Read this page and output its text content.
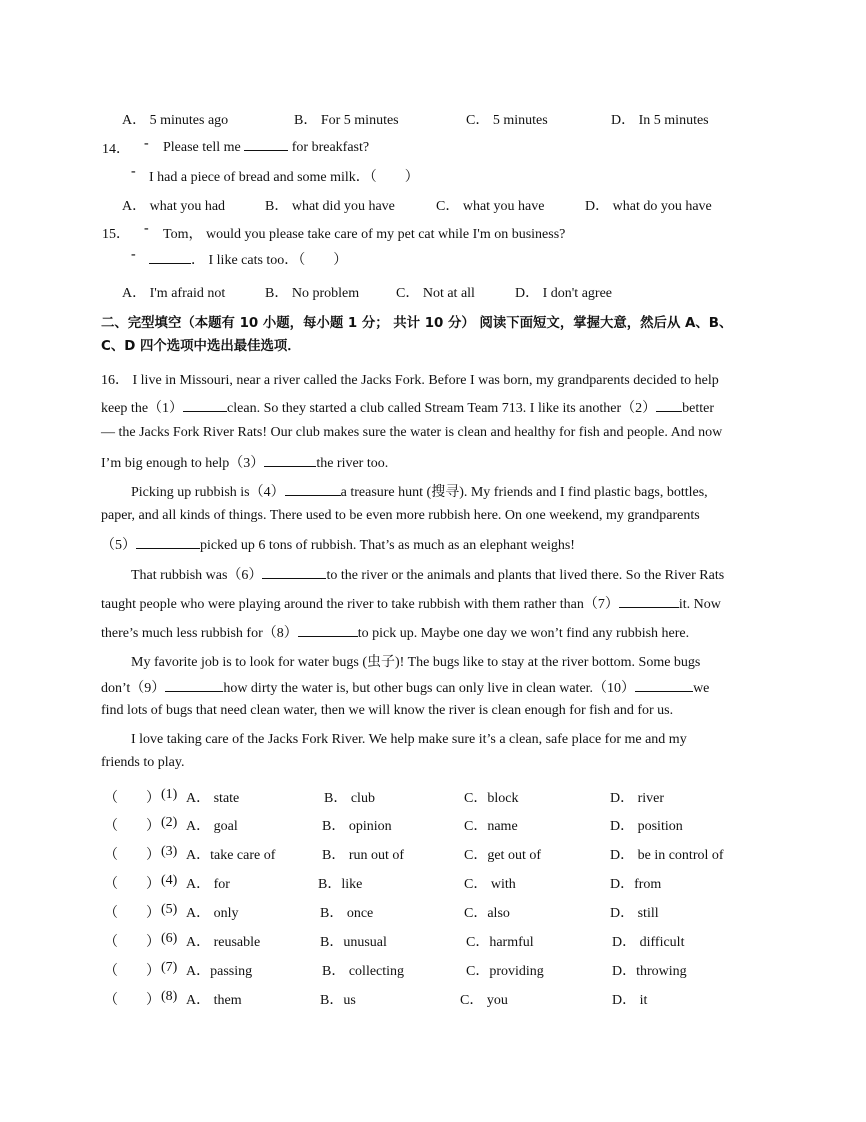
A． 5 minutes ago	B． For 5 minutes	C． 5 minutes	D． In 5 minutes
14． - Please tell me	for breakfast?
- I had a piece of bread and some milk．（　　）
A． what you had	B． what did you have	C． what you have	D． what do you have
15． - Tom， would you please take care of my pet cat while I'm on business?
-	． I like cats too．（　　）
A． I'm afraid not	B． No problem	C． Not at all	D． I don't agree
二、完型填空（本题有 10 小题，每小题 1 分； 共计 10 分） 阅读下面短文，掌握大意，然后从 A、B、
C、D 四个选项中选出最佳选项．
16． I live in Missouri, near a river called the Jacks Fork. Before I was born, my grandparents decided to help
keep the（1）	clean. So they started a club called Stream Team 713. I like its another（2） better
— the Jacks Fork River Rats! Our club makes sure the water is clean and healthy for fish and people. And now
I’m big enough to help（3）	the river too.
Picking up rubbish is（4）	a treasure hunt (搜寻). My friends and I find plastic bags, bottles,
paper, and all kinds of things. There used to be even more rubbish here. On one weekend, my grandparents
（5）	picked up 6 tons of rubbish. That’s as much as an elephant weighs!
That rubbish was（6）	to the river or the animals and plants that lived there. So the River Rats
taught people who were playing around the river to take rubbish with them rather than（7）	it. Now
there’s much less rubbish for（8）	to pick up. Maybe one day we won’t find any rubbish here.
My favorite job is to look for water bugs (虫子)! The bugs like to stay at the river bottom. Some bugs
don’t（9）	how dirty the water is, but other bugs can only live in clean water.（10）	we
find lots of bugs that need clean water, then we will know the river is clean enough for fish and for us.
I love taking care of the Jacks Fork River. We help make sure it’s a clean, safe place for me and my
friends to play.
（　　） (1) A． state	B． club	C．block	D． river
（　　） (2) A． goal	B． opinion	C．name	D． position
（　　） (3) A．take care of	B． run out of	C．get out of	D． be in control of
（　　） (4) A． for	B．like	C． with	D．from
（　　） (5) A． only	B． once	C．also	D． still
（　　） (6) A． reusable	B．unusual	C．harmful	D． difficult
（　　） (7) A．passing	B． collecting	C．providing	D．throwing
（　　） (8) A． them	B．us	C． you	D． it
